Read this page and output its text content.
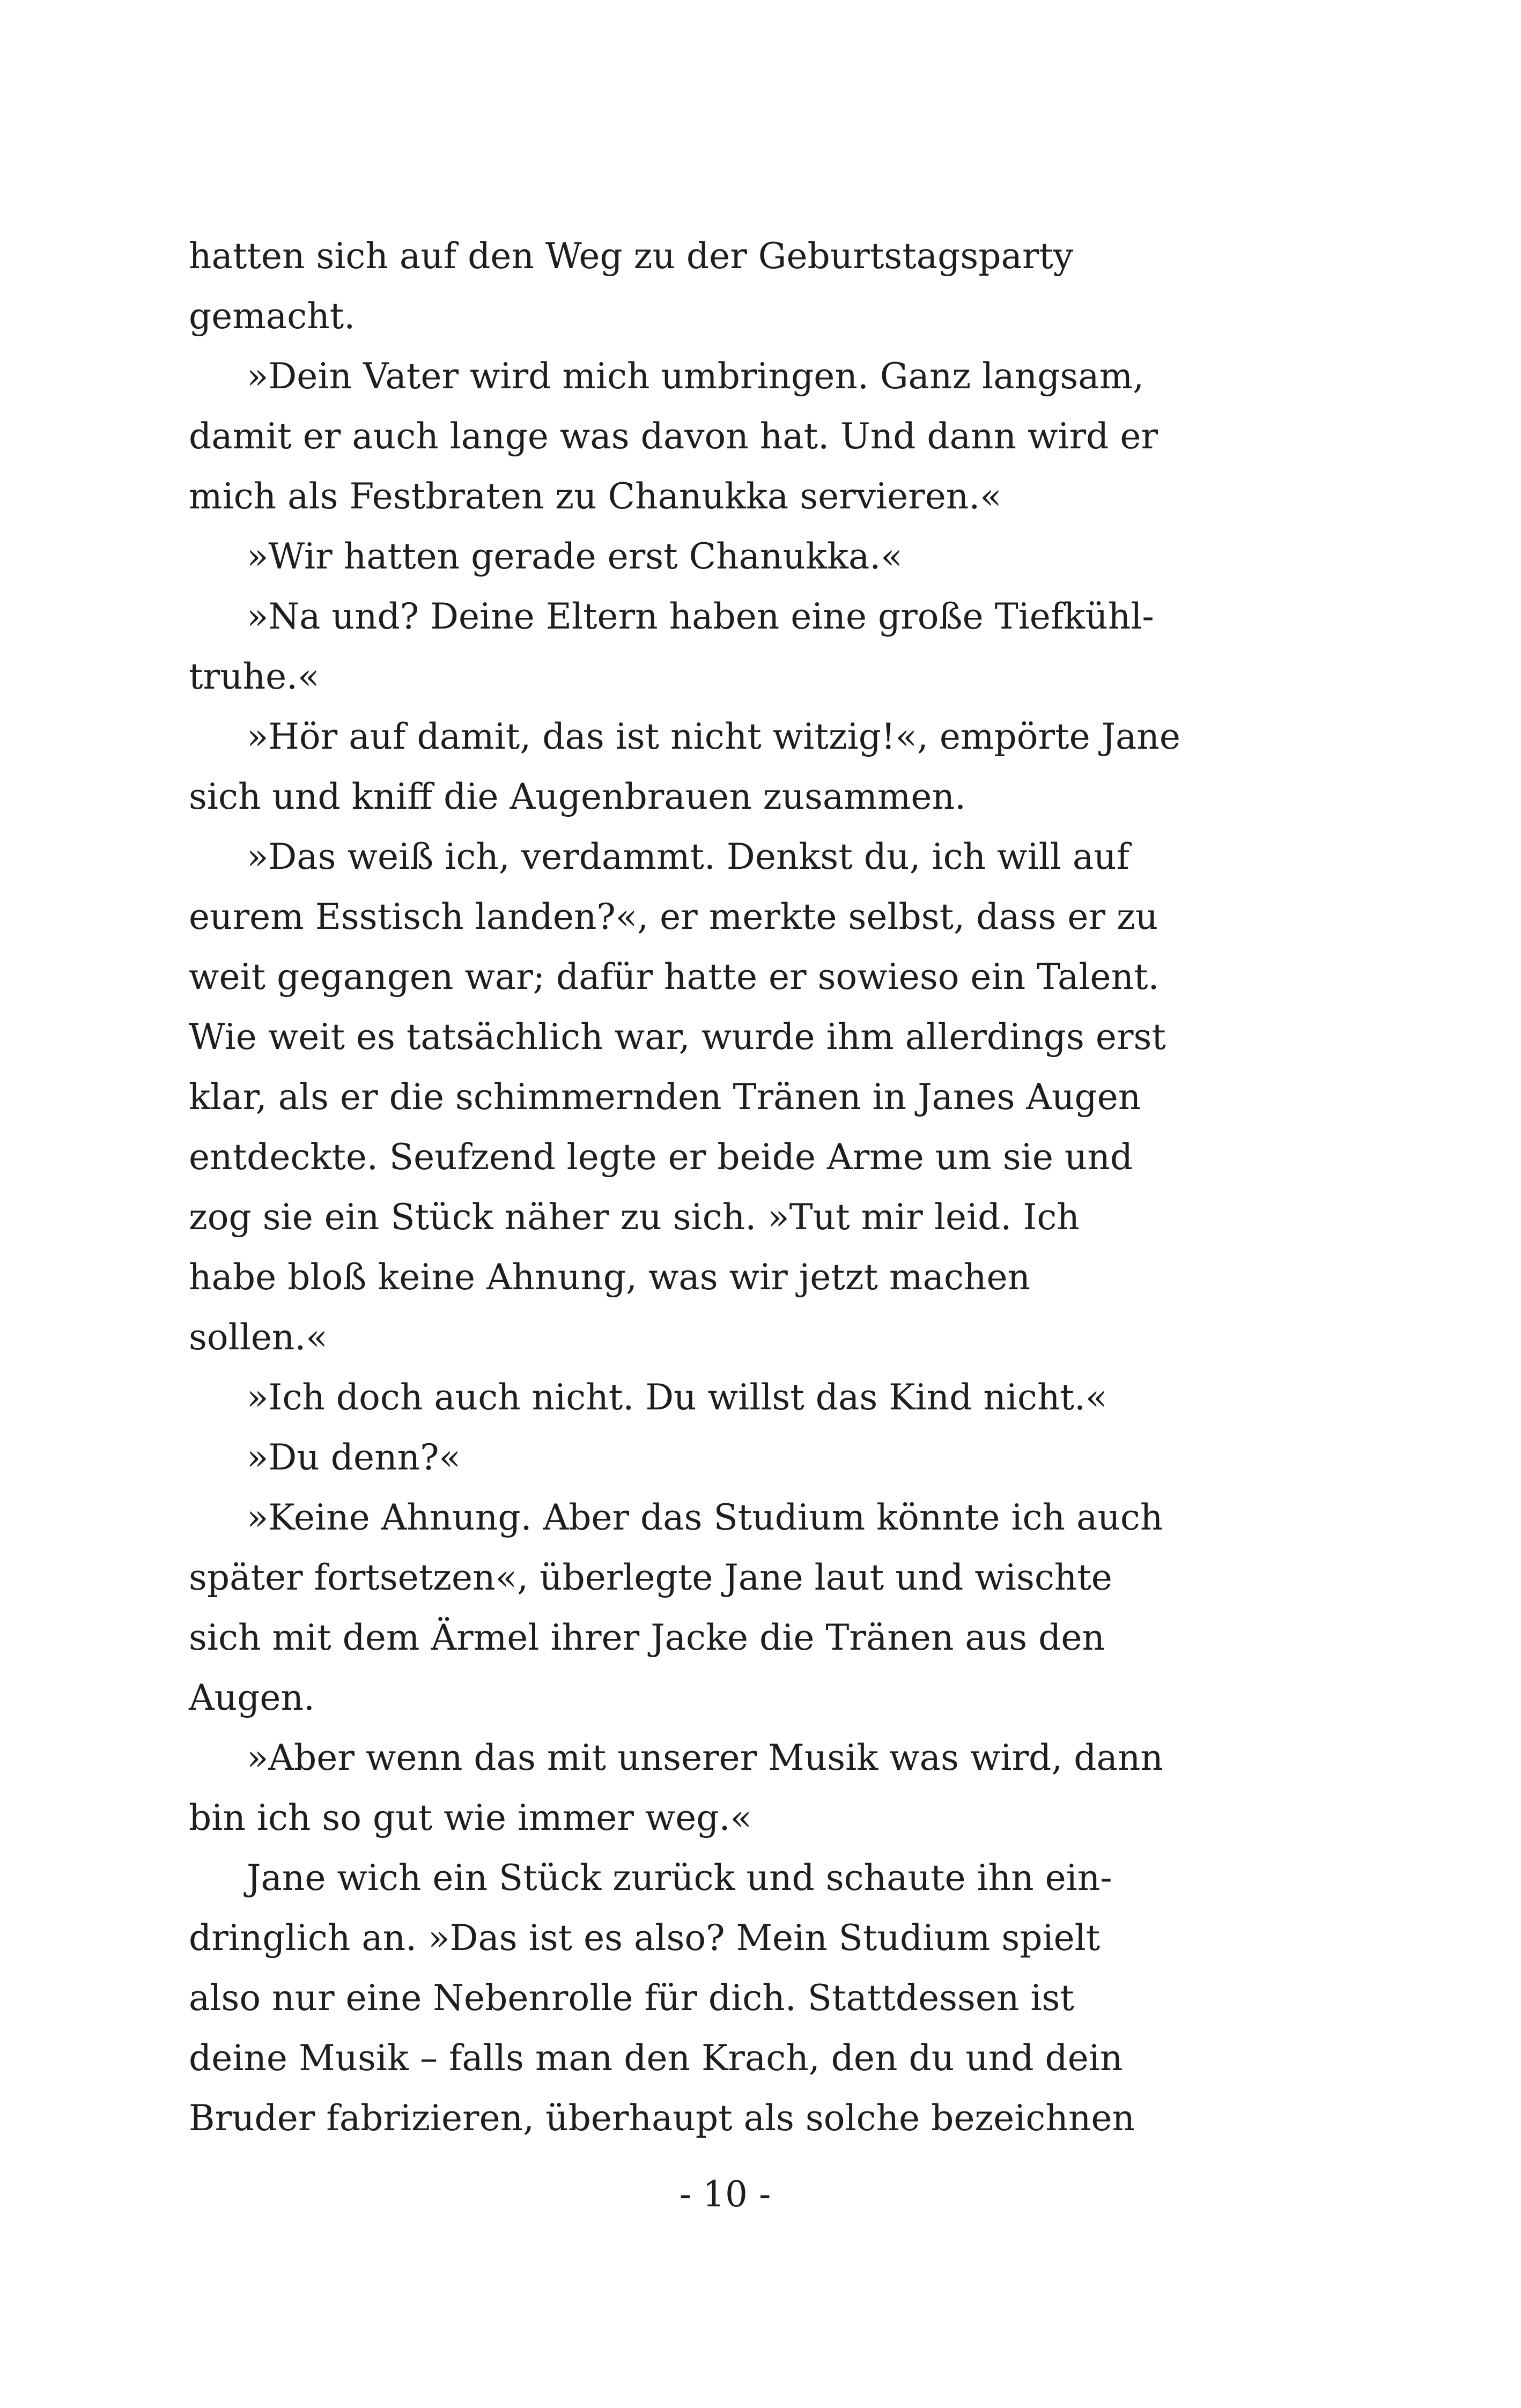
hatten sich auf den Weg zu der Geburtstagsparty
gemacht.
»Dein Vater wird mich umbringen. Ganz langsam,
damit er auch lange was davon hat. Und dann wird er
mich als Festbraten zu Chanukka servieren.«
»Wir hatten gerade erst Chanukka.«
»Na und? Deine Eltern haben eine große Tiefkühl-
truhe.«
»Hör auf damit, das ist nicht witzig!«, empörte Jane
sich und kniff die Augenbrauen zusammen.
»Das weiß ich, verdammt. Denkst du, ich will auf
eurem Esstisch landen?«, er merkte selbst, dass er zu
weit gegangen war; dafür hatte er sowieso ein Talent.
Wie weit es tatsächlich war, wurde ihm allerdings erst
klar, als er die schimmernden Tränen in Janes Augen
entdeckte. Seufzend legte er beide Arme um sie und
zog sie ein Stück näher zu sich. »Tut mir leid. Ich
habe bloß keine Ahnung, was wir jetzt machen
sollen.«
»Ich doch auch nicht. Du willst das Kind nicht.«
»Du denn?«
»Keine Ahnung. Aber das Studium könnte ich auch
später fortsetzen«, überlegte Jane laut und wischte
sich mit dem Ärmel ihrer Jacke die Tränen aus den
Augen.
»Aber wenn das mit unserer Musik was wird, dann
bin ich so gut wie immer weg.«
Jane wich ein Stück zurück und schaute ihn ein-
dringlich an. »Das ist es also? Mein Studium spielt
also nur eine Nebenrolle für dich. Stattdessen ist
deine Musik – falls man den Krach, den du und dein
Bruder fabrizieren, überhaupt als solche bezeichnen
- 10 -
